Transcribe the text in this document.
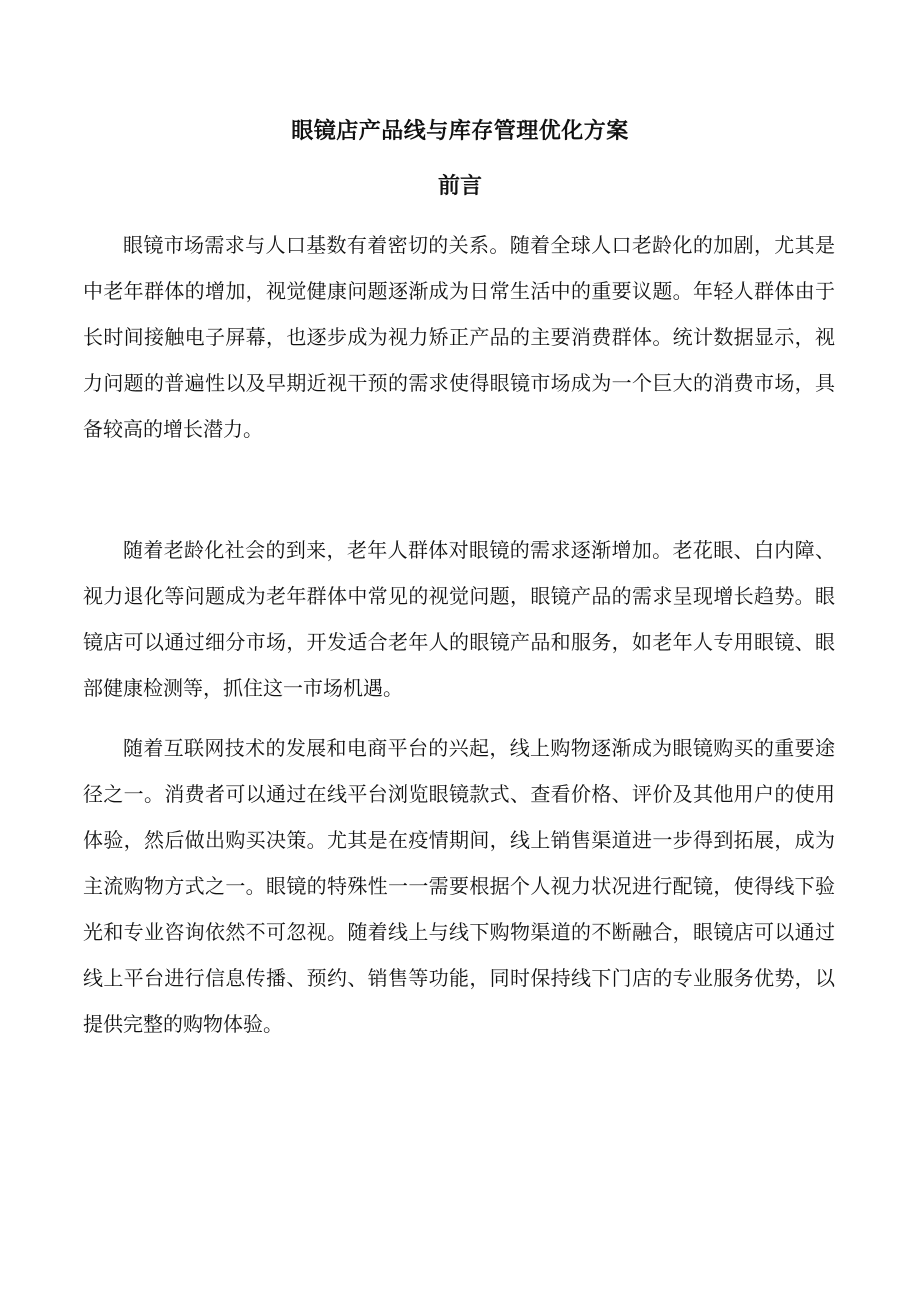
眼镜店产品线与库存管理优化方案
前言

眼镜市场需求与人口基数有着密切的关系。随着全球人口老龄化的加剧，尤其是中老年群体的增加，视觉健康问题逐渐成为日常生活中的重要议题。年轻人群体由于长时间接触电子屏幕，也逐步成为视力矫正产品的主要消费群体。统计数据显示，视力问题的普遍性以及早期近视干预的需求使得眼镜市场成为一个巨大的消费市场，具备较高的增长潜力。

随着老龄化社会的到来，老年人群体对眼镜的需求逐渐增加。老花眼、白内障、视力退化等问题成为老年群体中常见的视觉问题，眼镜产品的需求呈现增长趋势。眼镜店可以通过细分市场，开发适合老年人的眼镜产品和服务，如老年人专用眼镜、眼部健康检测等，抓住这一市场机遇。

随着互联网技术的发展和电商平台的兴起，线上购物逐渐成为眼镜购买的重要途径之一。消费者可以通过在线平台浏览眼镜款式、查看价格、评价及其他用户的使用体验，然后做出购买决策。尤其是在疫情期间，线上销售渠道进一步得到拓展，成为主流购物方式之一。眼镜的特殊性一一需要根据个人视力状况进行配镜，使得线下验光和专业咨询依然不可忽视。随着线上与线下购物渠道的不断融合，眼镜店可以通过线上平台进行信息传播、预约、销售等功能，同时保持线下门店的专业服务优势，以提供完整的购物体验。
